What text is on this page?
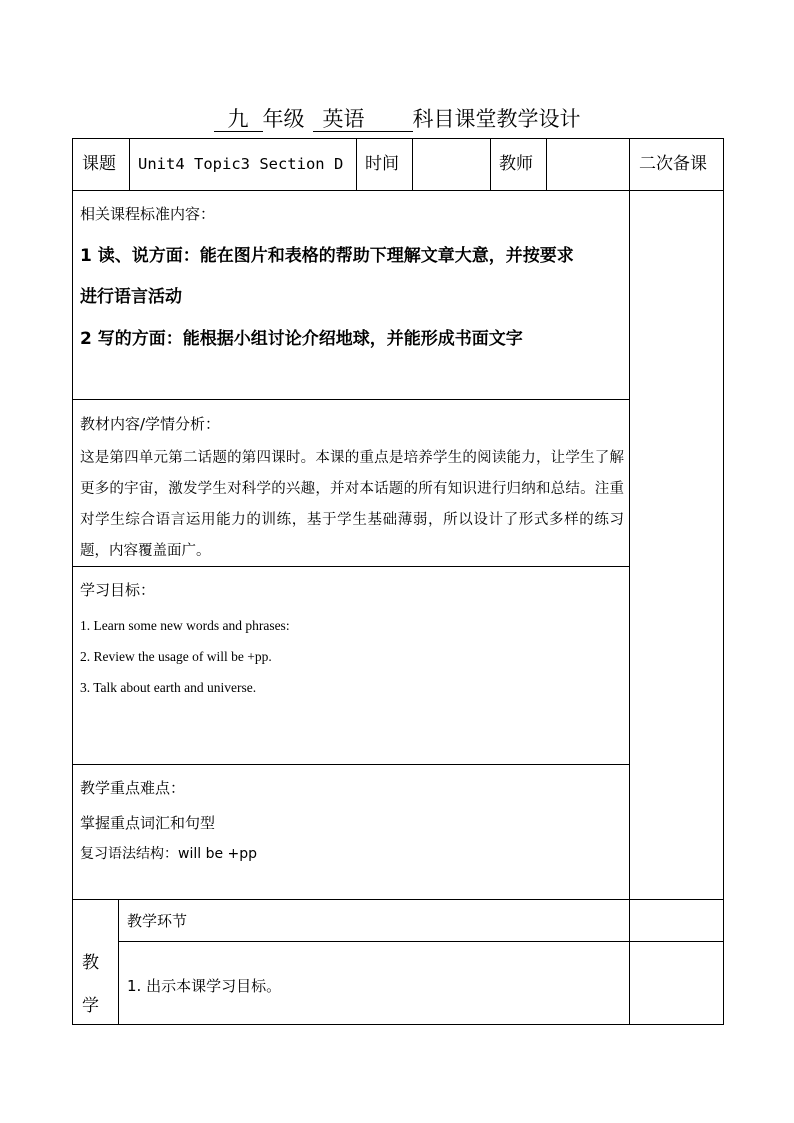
九 年级 英语 科目课堂教学设计
课题 Unit4 Topic3 Section D 时间	教师	二次备课
相关课程标准内容：
1 读、说方面：能在图片和表格的帮助下理解文章大意，并按要求
进行语言活动
2 写的方面：能根据小组讨论介绍地球，并能形成书面文字
教材内容/学情分析：
这是第四单元第二话题的第四课时。本课的重点是培养学生的阅读能力，让学生了解更多的宇宙，激发学生对科学的兴趣，并对本话题的所有知识进行归纳和总结。注重对学生综合语言运用能力的训练，基于学生基础薄弱，所以设计了形式多样的练习题，内容覆盖面广。
学习目标：
1. Learn some new words and phrases:
2. Review the usage of will be +pp.
3. Talk about earth and universe.
教学重点难点：
掌握重点词汇和句型
复习语法结构：will be +pp
教
学
教学环节
1. 出示本课学习目标。
